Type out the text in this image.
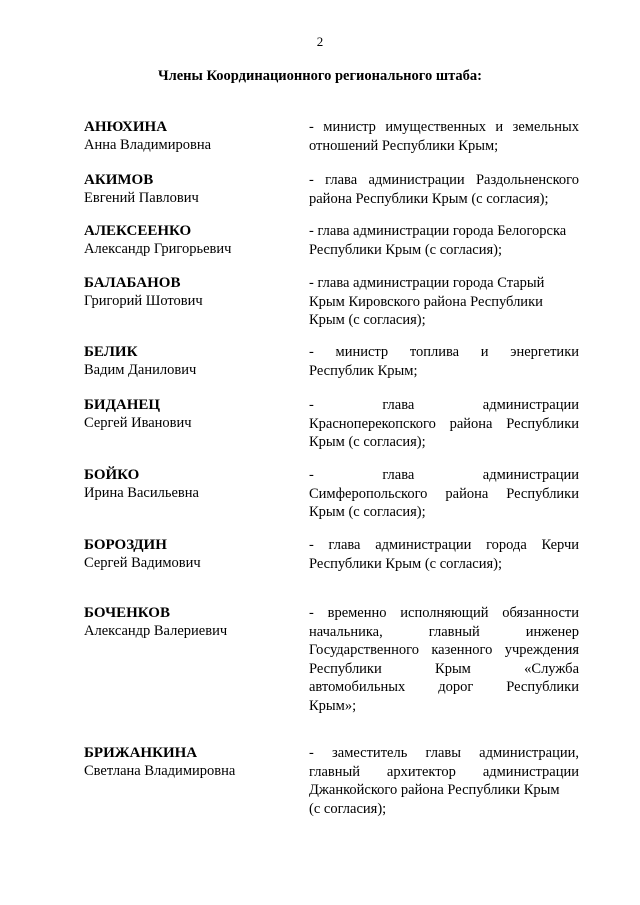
2
Члены Координационного регионального штаба:
АНЮХИНА
Анна Владимировна
- министр имущественных и земельных
отношений Республики Крым;
АКИМОВ
Евгений Павлович
- глава администрации Раздольненского
района Республики Крым (с согласия);
АЛЕКСЕЕНКО
Александр Григорьевич
- глава администрации города Белогорска
Республики Крым (с согласия);
БАЛАБАНОВ
Григорий Шотович
- глава администрации города Старый
Крым Кировского района Республики
Крым (с согласия);
БЕЛИК
Вадим Данилович
- министр топлива и энергетики
Республик Крым;
БИДАНЕЦ
Сергей Иванович
- глава администрации
Красноперекопского района Республики
Крым (с согласия);
БОЙКО
Ирина Васильевна
- глава администрации
Симферопольского района Республики
Крым (с согласия);
БОРОЗДИН
Сергей Вадимович
- глава администрации города Керчи
Республики Крым (с согласия);
БОЧЕНКОВ
Александр Валериевич
- временно исполняющий обязанности
начальника, главный инженер
Государственного казенного учреждения
Республики Крым «Служба
автомобильных дорог Республики
Крым»;
БРИЖАНКИНА
Светлана Владимировна
- заместитель главы администрации,
главный архитектор администрации
Джанкойского района Республики Крым
(с согласия);
